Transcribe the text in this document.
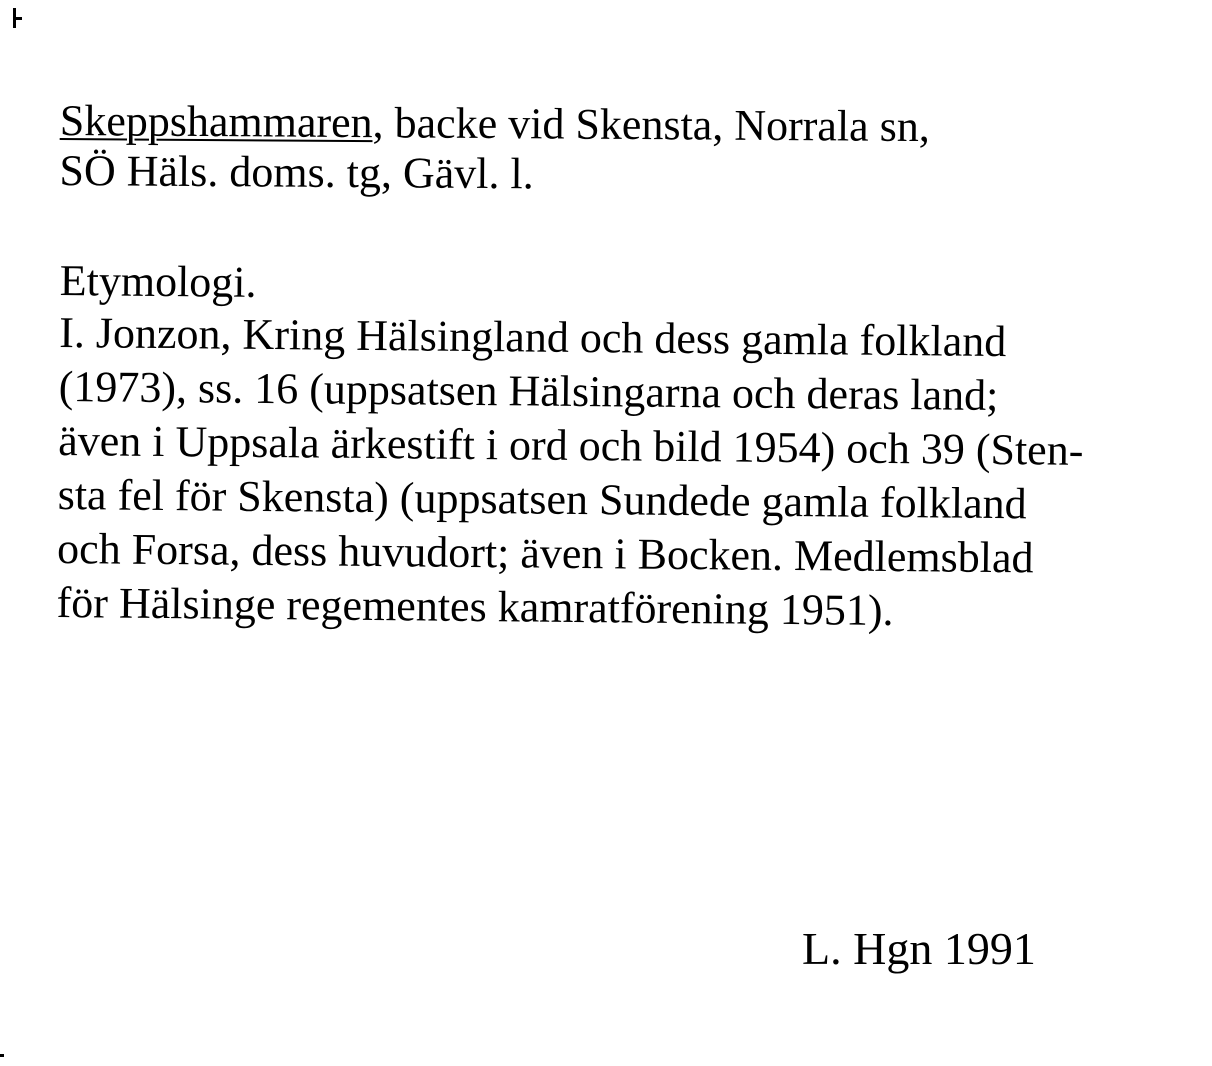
Skeppshammaren, backe vid Skensta, Norrala sn,
SÖ Häls. doms. tg, Gävl. l.

Etymologi.

I. Jonzon, Kring Hälsingland och dess gamla folkland
(1973), ss. 16 (uppsatsen Hälsingarna och deras land;
även i Uppsala ärkestift i ord och bild 1954) och 39 (Sten-
sta fel för Skensta) (uppsatsen Sundede gamla folkland
och Forsa, dess huvudort; även i Bocken. Medlemsblad
för Hälsinge regementes kamratförening 1951).
L. Hgn 1991
